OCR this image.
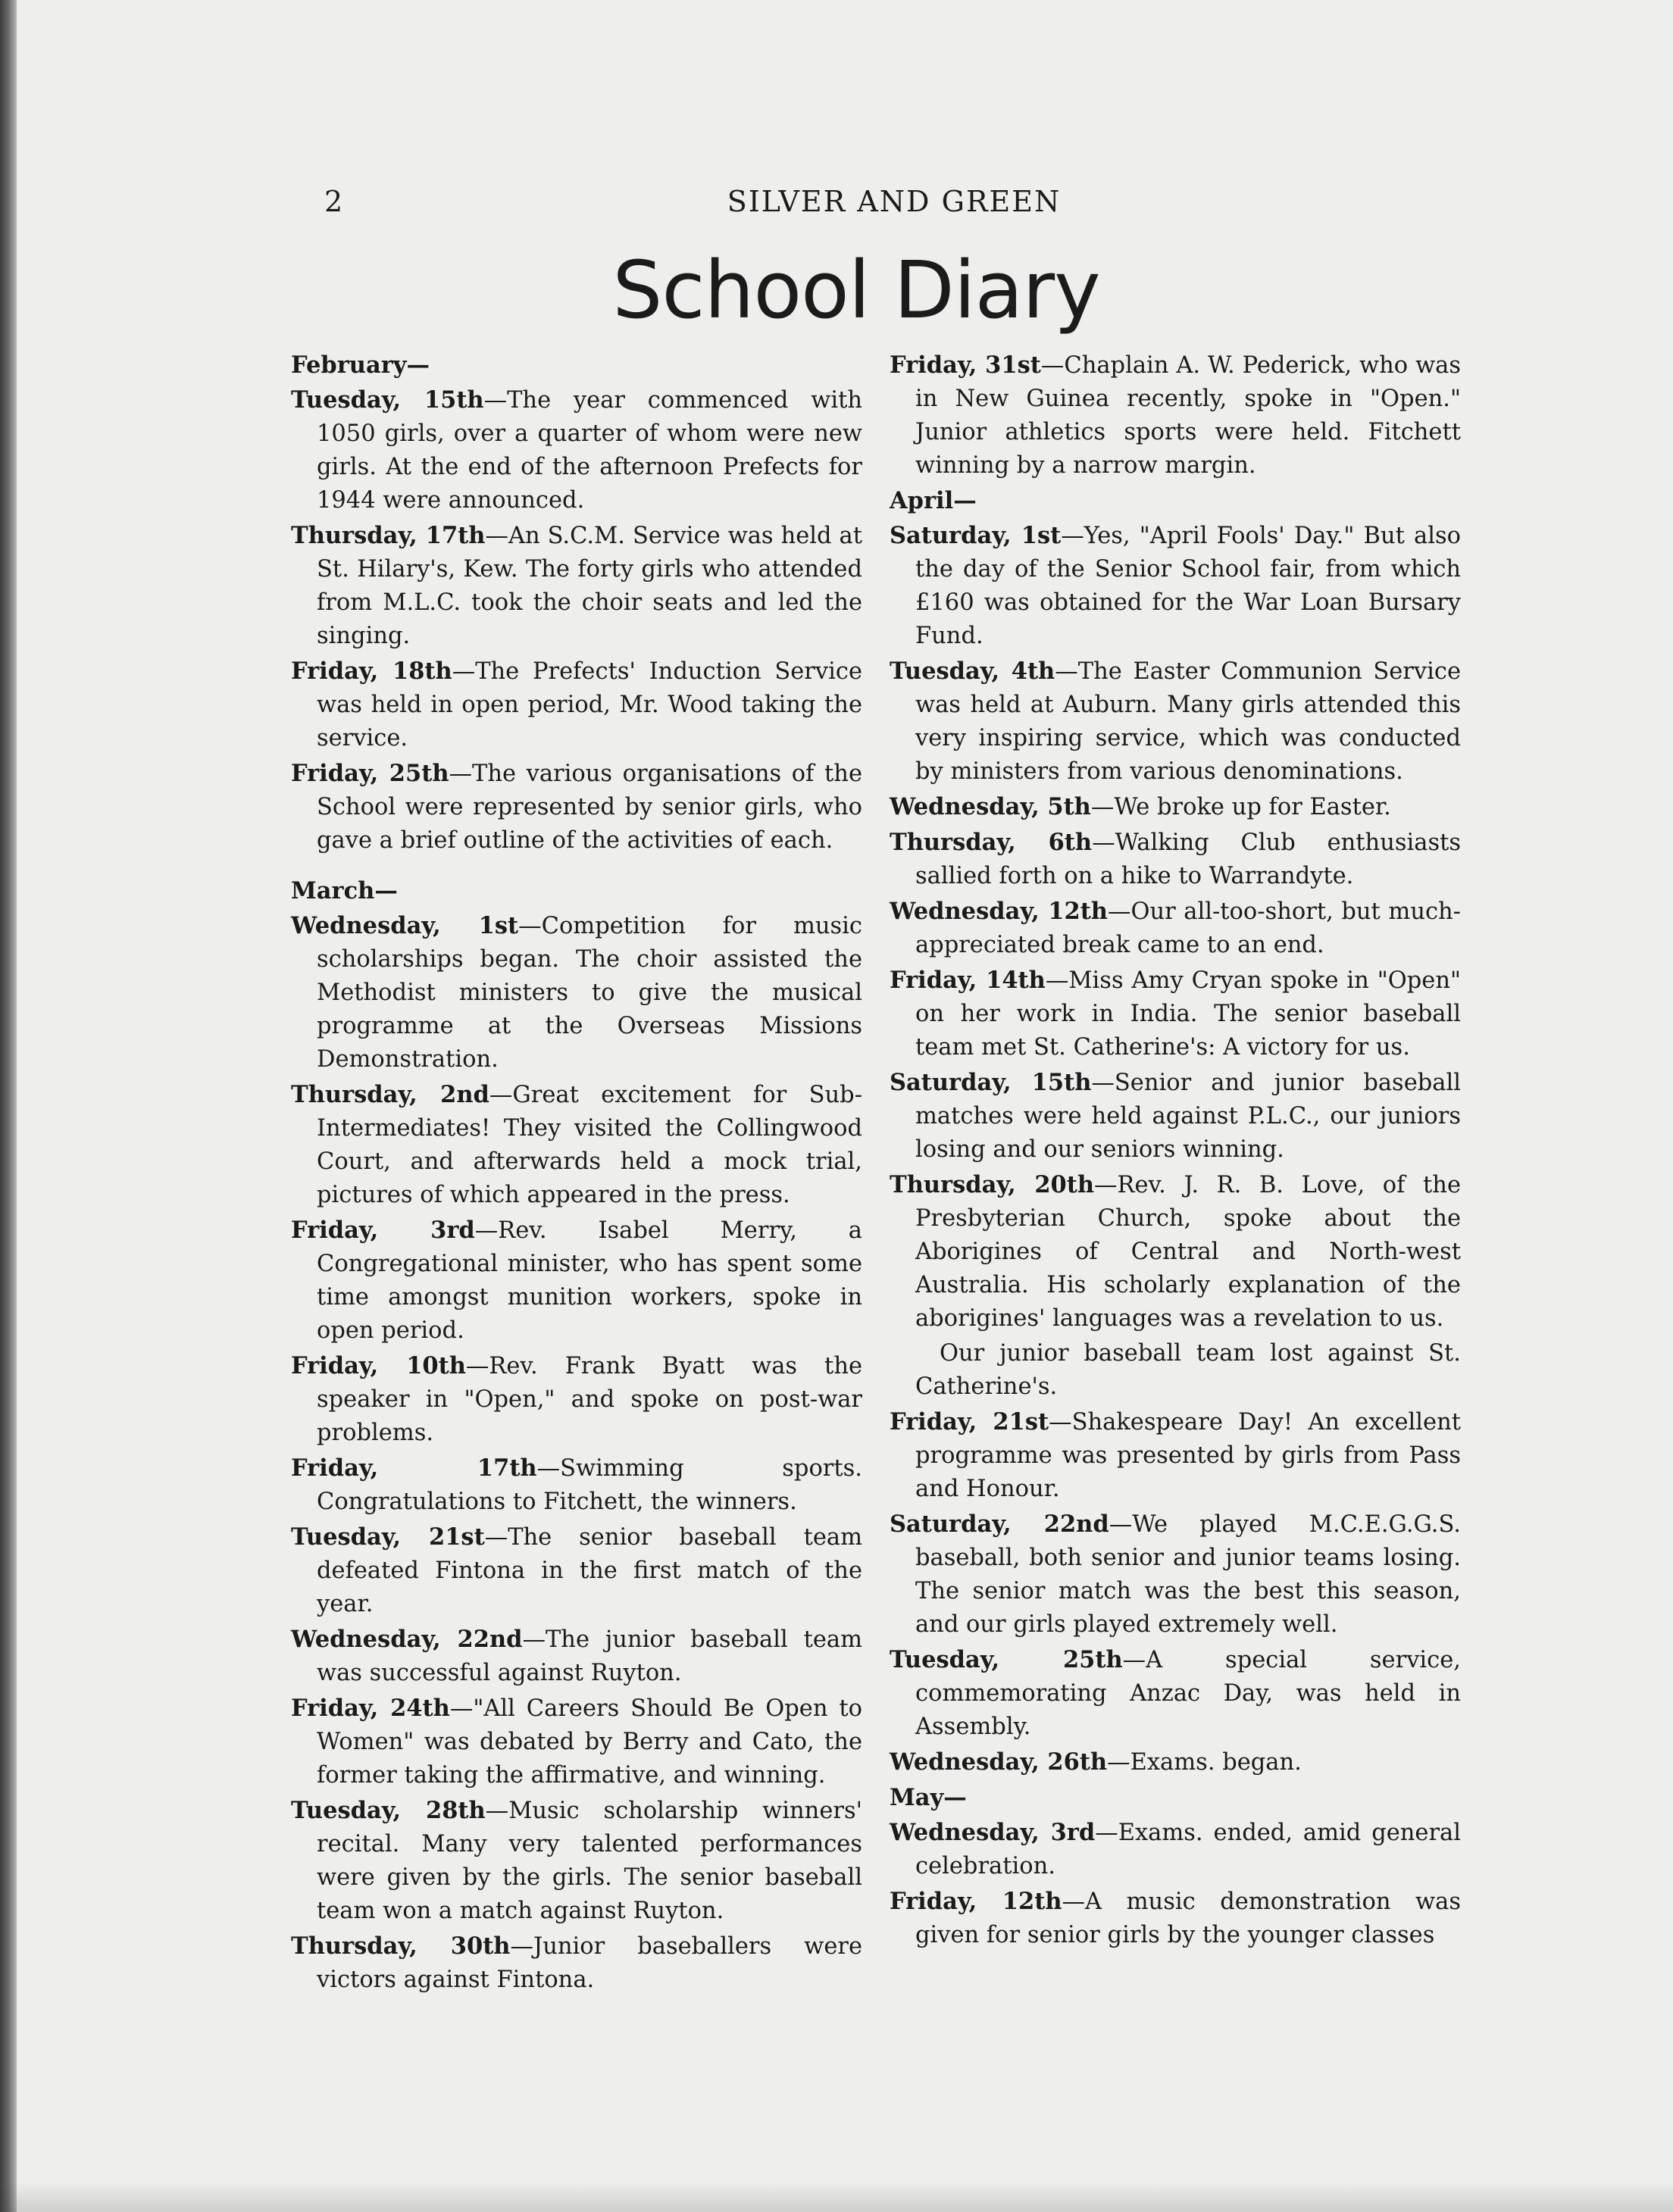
2	SILVER AND GREEN
School Diary

February—

Tuesday, 15th—The year commenced with 1050 girls, over a quarter of whom were new girls. At the end of the afternoon Prefects for 1944 were announced.

Thursday, 17th—An S.C.M. Service was held at St. Hilary's, Kew. The forty girls who attended from M.L.C. took the choir seats and led the singing.

Friday, 18th—The Prefects' Induction Service was held in open period, Mr. Wood taking the service.

Friday, 25th—The various organisations of the School were represented by senior girls, who gave a brief outline of the activities of each.

March—

Wednesday, 1st—Competition for music scholarships began. The choir assisted the Methodist ministers to give the musical programme at the Overseas Missions Demonstration.

Thursday, 2nd—Great excitement for Sub-Intermediates! They visited the Collingwood Court, and afterwards held a mock trial, pictures of which appeared in the press.

Friday, 3rd—Rev. Isabel Merry, a Congregational minister, who has spent some time amongst munition workers, spoke in open period.

Friday, 10th—Rev. Frank Byatt was the speaker in "Open," and spoke on post-war problems.

Friday, 17th—Swimming sports. Congratulations to Fitchett, the winners.

Tuesday, 21st—The senior baseball team defeated Fintona in the first match of the year.

Wednesday, 22nd—The junior baseball team was successful against Ruyton.

Friday, 24th—"All Careers Should Be Open to Women" was debated by Berry and Cato, the former taking the affirmative, and winning.

Tuesday, 28th—Music scholarship winners' recital. Many very talented performances were given by the girls. The senior baseball team won a match against Ruyton.

Thursday, 30th—Junior baseballers were victors against Fintona.

Friday, 31st—Chaplain A. W. Pederick, who was in New Guinea recently, spoke in "Open." Junior athletics sports were held. Fitchett winning by a narrow margin.

April—

Saturday, 1st—Yes, "April Fools' Day." But also the day of the Senior School fair, from which £160 was obtained for the War Loan Bursary Fund.

Tuesday, 4th—The Easter Communion Service was held at Auburn. Many girls attended this very inspiring service, which was conducted by ministers from various denominations.

Wednesday, 5th—We broke up for Easter.

Thursday, 6th—Walking Club enthusiasts sallied forth on a hike to Warrandyte.

Wednesday, 12th—Our all-too-short, but much-appreciated break came to an end.

Friday, 14th—Miss Amy Cryan spoke in "Open" on her work in India. The senior baseball team met St. Catherine's: A victory for us.

Saturday, 15th—Senior and junior baseball matches were held against P.L.C., our juniors losing and our seniors winning.

Thursday, 20th—Rev. J. R. B. Love, of the Presbyterian Church, spoke about the Aborigines of Central and North-west Australia. His scholarly explanation of the aborigines' languages was a revelation to us.

Our junior baseball team lost against St. Catherine's.

Friday, 21st—Shakespeare Day! An excellent programme was presented by girls from Pass and Honour.

Saturday, 22nd—We played M.C.E.G.G.S. baseball, both senior and junior teams losing. The senior match was the best this season, and our girls played extremely well.

Tuesday, 25th—A special service, commemorating Anzac Day, was held in Assembly.

Wednesday, 26th—Exams. began.

May—

Wednesday, 3rd—Exams. ended, amid general celebration.

Friday, 12th—A music demonstration was given for senior girls by the younger classes
